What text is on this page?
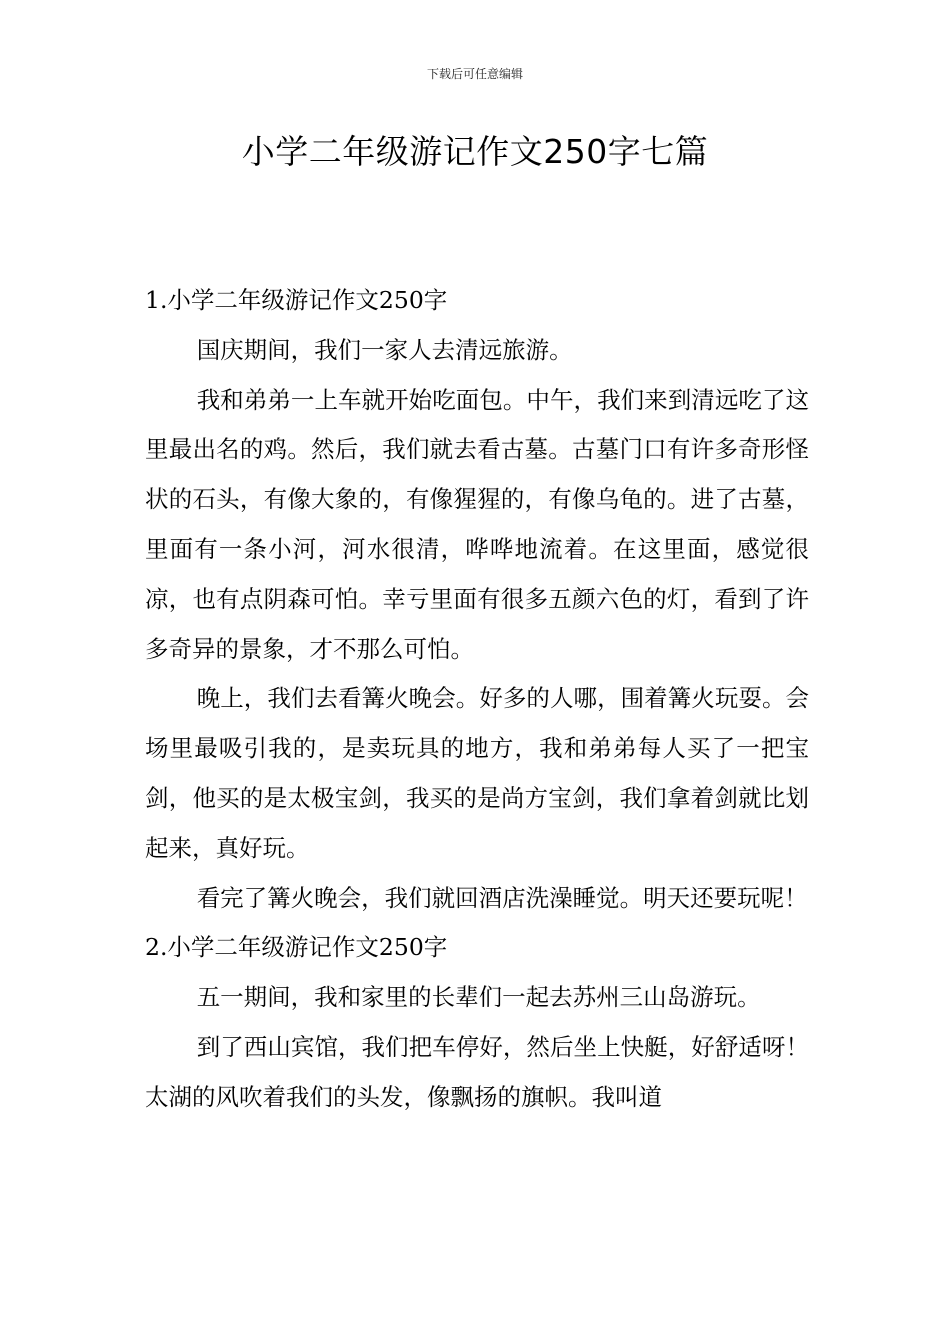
下载后可任意编辑
小学二年级游记作文250字七篇

1.小学二年级游记作文250字

国庆期间，我们一家人去清远旅游。

我和弟弟一上车就开始吃面包。中午，我们来到清远吃了这里最出名的鸡。然后，我们就去看古墓。古墓门口有许多奇形怪状的石头，有像大象的，有像猩猩的，有像乌龟的。进了古墓，里面有一条小河，河水很清，哗哗地流着。在这里面，感觉很凉，也有点阴森可怕。幸亏里面有很多五颜六色的灯，看到了许多奇异的景象，才不那么可怕。

晚上，我们去看篝火晚会。好多的人哪，围着篝火玩耍。会场里最吸引我的，是卖玩具的地方，我和弟弟每人买了一把宝剑，他买的是太极宝剑，我买的是尚方宝剑，我们拿着剑就比划起来，真好玩。

看完了篝火晚会，我们就回酒店洗澡睡觉。明天还要玩呢！

2.小学二年级游记作文250字

五一期间，我和家里的长辈们一起去苏州三山岛游玩。

到了西山宾馆，我们把车停好，然后坐上快艇，好舒适呀！太湖的风吹着我们的头发，像飘扬的旗帜。我叫道
